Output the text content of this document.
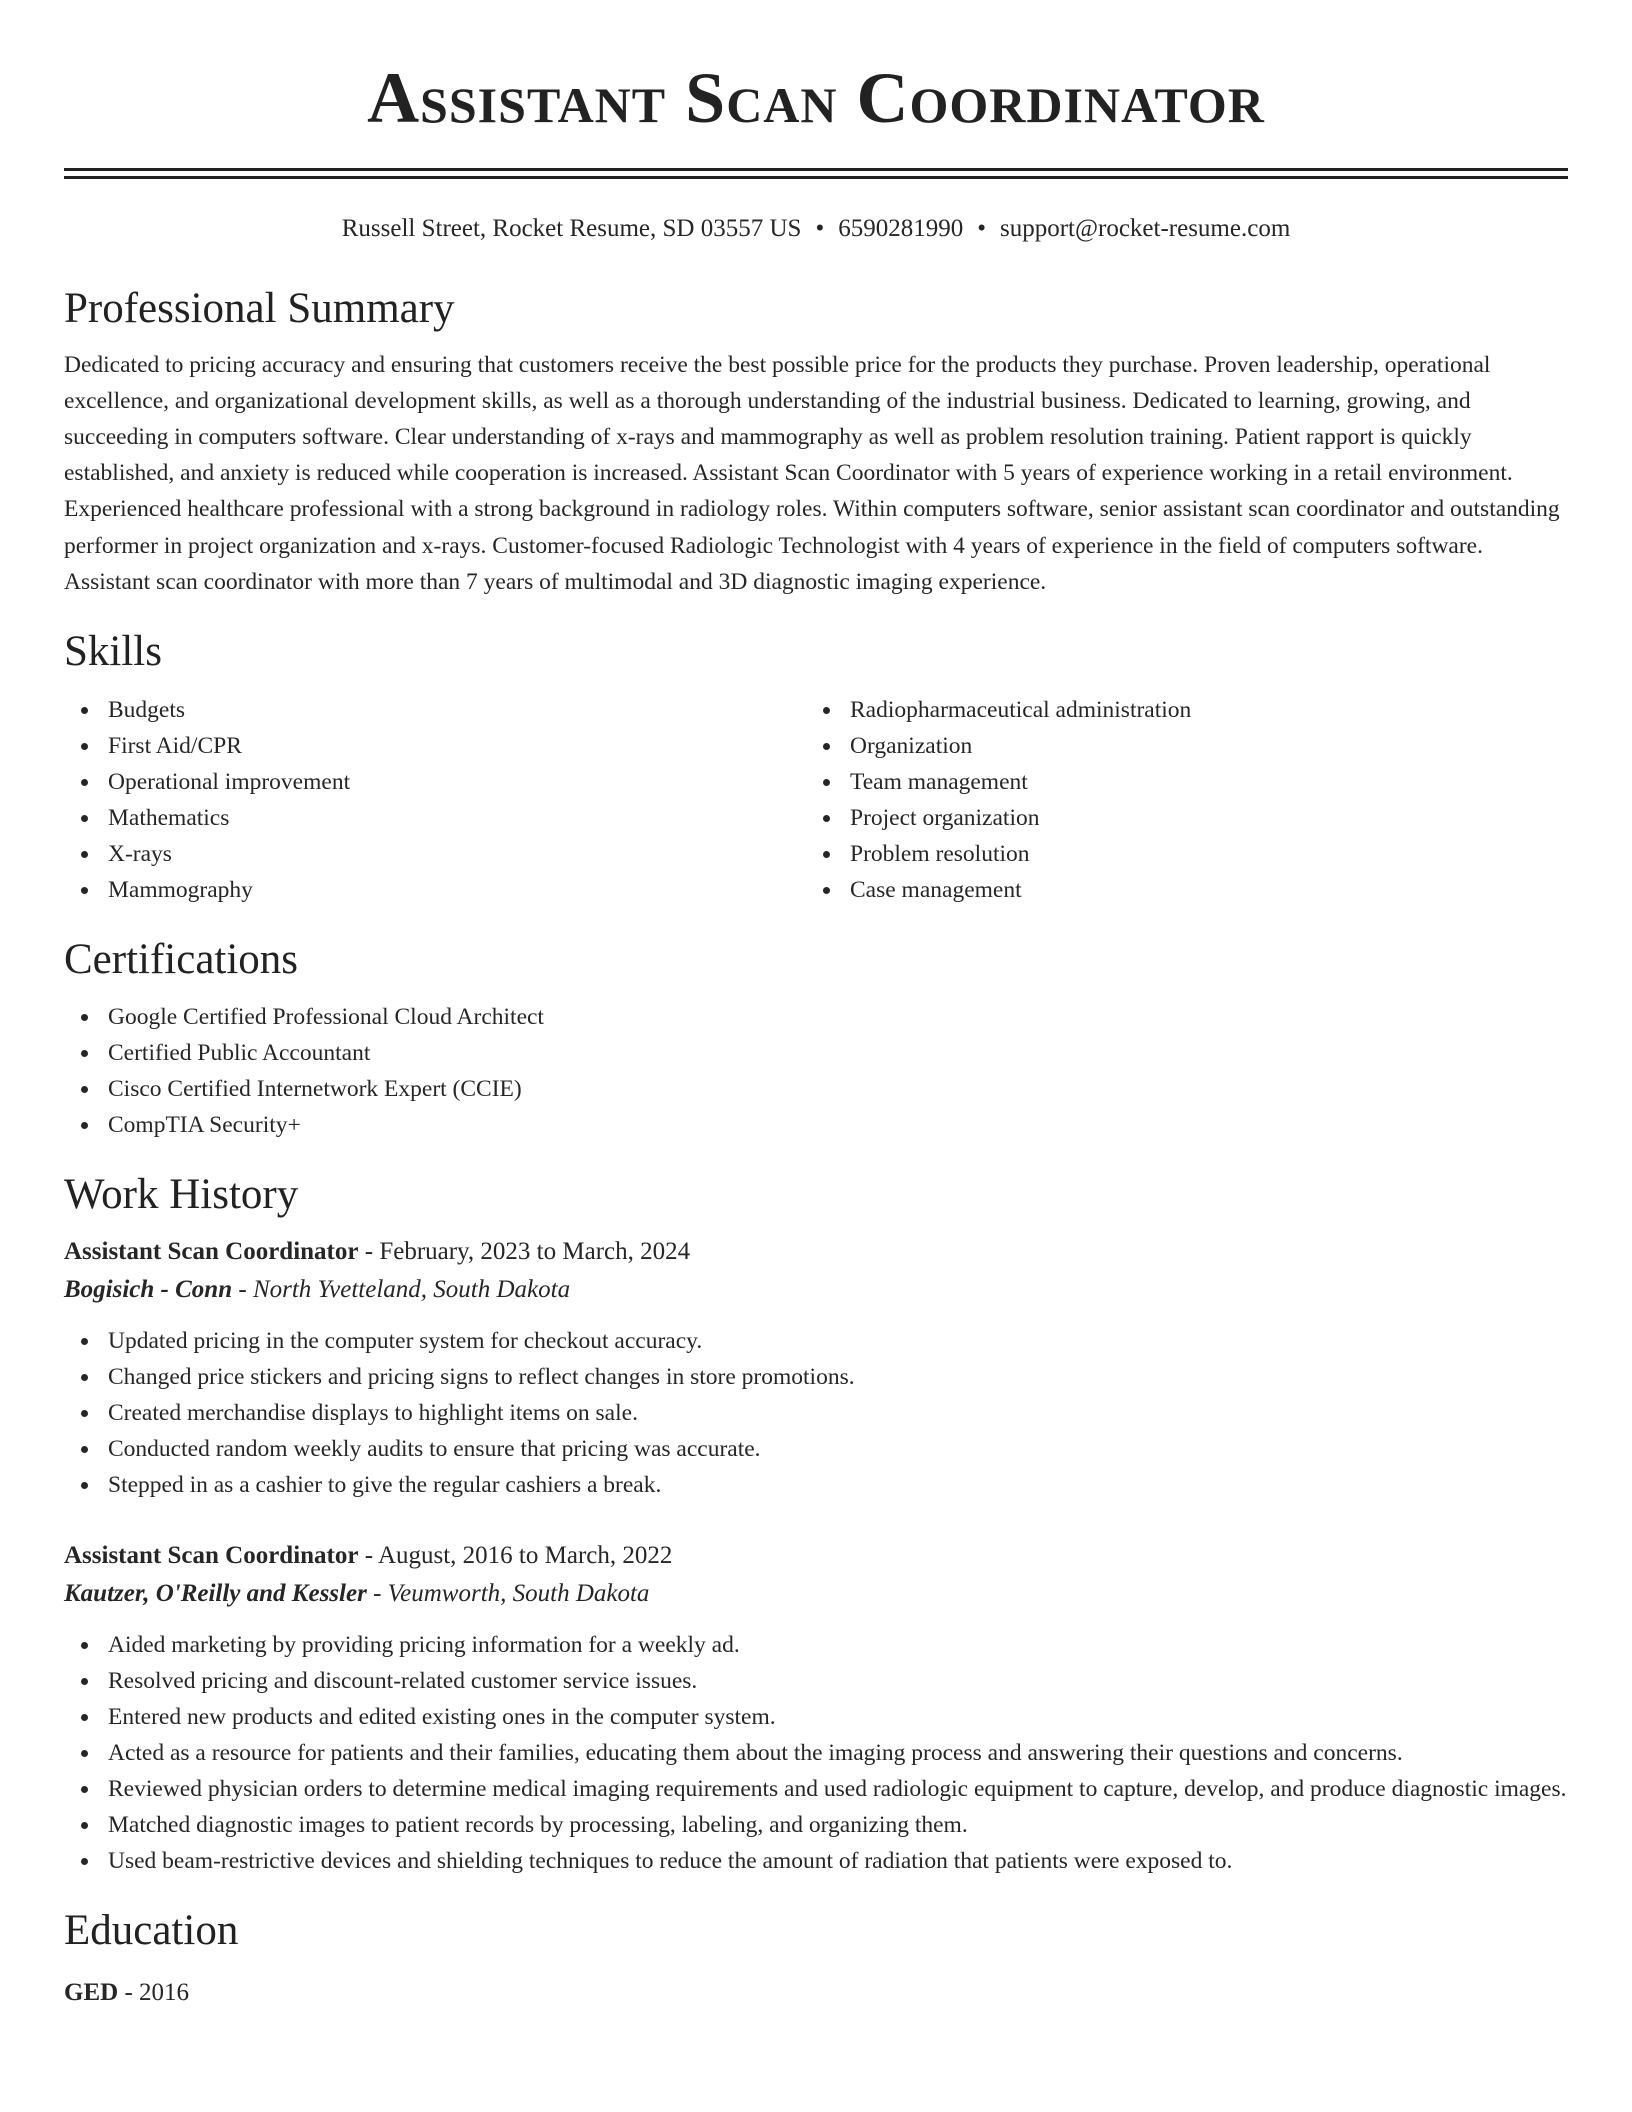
Assistant Scan Coordinator
Russell Street, Rocket Resume, SD 03557 US • 6590281990 • support@rocket-resume.com
Professional Summary

Dedicated to pricing accuracy and ensuring that customers receive the best possible price for the products they purchase. Proven leadership, operational excellence, and organizational development skills, as well as a thorough understanding of the industrial business. Dedicated to learning, growing, and succeeding in computers software. Clear understanding of x-rays and mammography as well as problem resolution training. Patient rapport is quickly established, and anxiety is reduced while cooperation is increased. Assistant Scan Coordinator with 5 years of experience working in a retail environment. Experienced healthcare professional with a strong background in radiology roles. Within computers software, senior assistant scan coordinator and outstanding performer in project organization and x-rays. Customer-focused Radiologic Technologist with 4 years of experience in the field of computers software. Assistant scan coordinator with more than 7 years of multimodal and 3D diagnostic imaging experience.

Skills
Budgets
First Aid/CPR
Operational improvement
Mathematics
X-rays
Mammography
Radiopharmaceutical administration
Organization
Team management
Project organization
Problem resolution
Case management
Certifications
Google Certified Professional Cloud Architect
Certified Public Accountant
Cisco Certified Internetwork Expert (CCIE)
CompTIA Security+
Work History
Assistant Scan Coordinator - February, 2023 to March, 2024
Bogisich - Conn - North Yvetteland, South Dakota
Updated pricing in the computer system for checkout accuracy.
Changed price stickers and pricing signs to reflect changes in store promotions.
Created merchandise displays to highlight items on sale.
Conducted random weekly audits to ensure that pricing was accurate.
Stepped in as a cashier to give the regular cashiers a break.
Assistant Scan Coordinator - August, 2016 to March, 2022
Kautzer, O'Reilly and Kessler - Veumworth, South Dakota
Aided marketing by providing pricing information for a weekly ad.
Resolved pricing and discount-related customer service issues.
Entered new products and edited existing ones in the computer system.
Acted as a resource for patients and their families, educating them about the imaging process and answering their questions and concerns.
Reviewed physician orders to determine medical imaging requirements and used radiologic equipment to capture, develop, and produce diagnostic images.
Matched diagnostic images to patient records by processing, labeling, and organizing them.
Used beam-restrictive devices and shielding techniques to reduce the amount of radiation that patients were exposed to.
Education
GED - 2016
